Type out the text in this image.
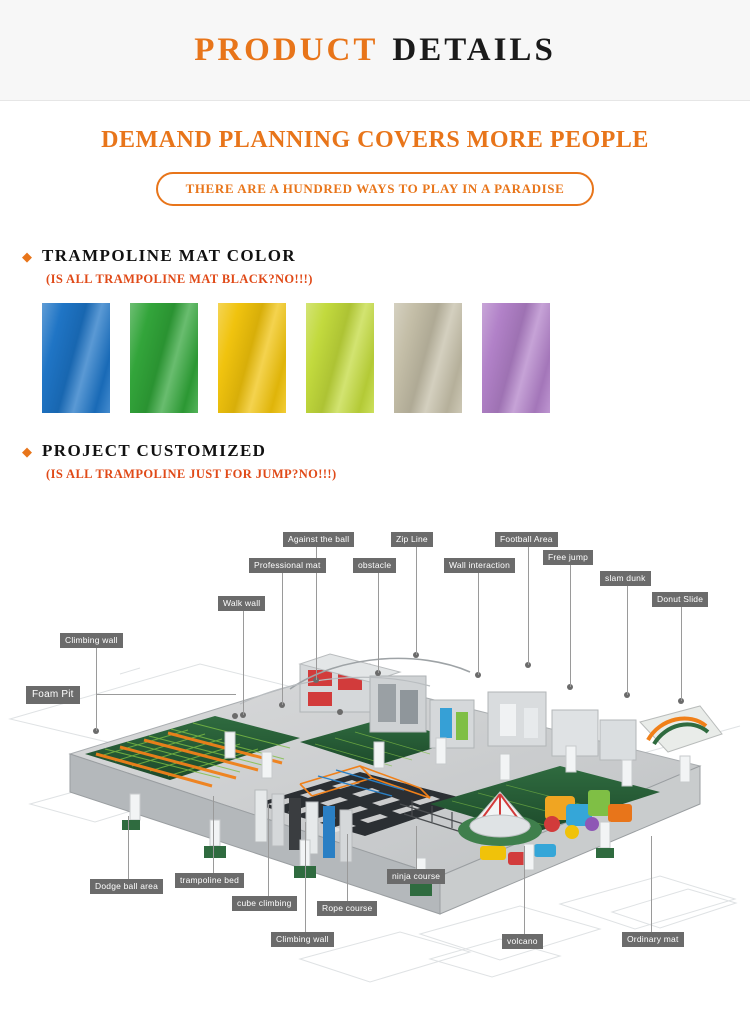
PRODUCT DETAILS
DEMAND PLANNING COVERS MORE PEOPLE
THERE ARE A HUNDRED WAYS TO PLAY IN A PARADISE
◆ TRAMPOLINE MAT COLOR
(IS ALL TRAMPOLINE MAT BLACK?NO!!!)
◆ PROJECT CUSTOMIZED
(IS ALL TRAMPOLINE JUST FOR JUMP?NO!!!)
Against the ball	Zip Line	Football Area
Professional mat	obstacle	Wall interaction
Free jump
slam dunk
Walk wall	Donut Slide
Climbing wall
Foam Pit
Dodge ball area
trampoline bed
cube climbing
Climbing wall
Rope course
ninja course
volcano	Ordinary mat
